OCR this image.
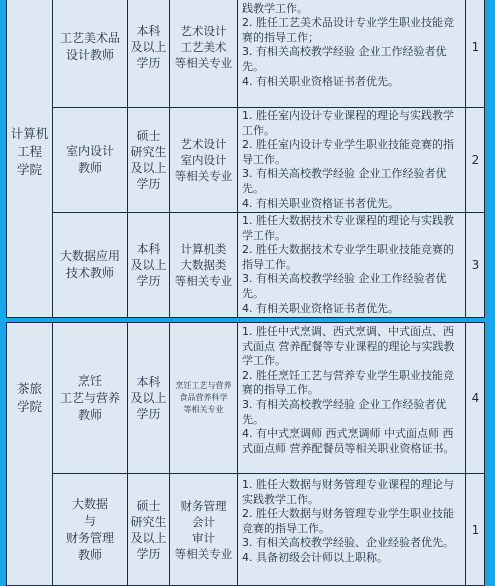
计算机
工程
学院
工艺美术品
设计教师
本科
及以上
学历
艺术设计
工艺美术
等相关专业

践教学工作。

2. 胜任工艺美术品设计专业学生职业技能竞赛的指导工作；

3. 有相关高校教学经验 企业工作经验者优先。

4. 有相关职业资格证书者优先。

1
室内设计
教师
硕士
研究生
及以上
学历
艺术设计
室内设计
等相关专业

1. 胜任室内设计专业课程的理论与实践教学工作。

2. 胜任室内设计专业学生职业技能竞赛的指导工作。

3. 有相关高校教学经验 企业工作经验者优先。

4. 有相关职业资格证书者优先。

2
大数据应用
技术教师
本科
及以上
学历
计算机类
大数据类
等相关专业

1. 胜任大数据技术专业课程的理论与实践教学工作。

2. 胜任大数据技术专业学生职业技能竞赛的指导工作。

3. 有相关高校教学经验 企业工作经验者优先。

4. 有相关职业资格证书者优先。

3
茶旅
学院
烹饪
工艺与营养
教师
本科
及以上
学历
烹饪工艺与营养
食品营养科学
等相关专业

1. 胜任中式烹调、西式烹调、中式面点、西式面点 营养配餐等专业课程的理论与实践教学工作。

2. 胜任烹饪工艺与营养专业学生职业技能竞赛的指导工作。

3. 有相关高校教学经验 企业工作经验者优先。

4. 有中式烹调师 西式烹调师 中式面点师 西式面点师 营养配餐员等相关职业资格证书。

4
大数据
与
财务管理
教师
硕士
研究生
及以上
学历
财务管理
会计
审计
等相关专业

1. 胜任大数据与财务管理专业课程的理论与实践教学工作。

2. 胜任大数据与财务管理专业学生职业技能竞赛的指导工作。

3. 有相关高校教学经验、企业经验者优先。

4. 具备初级会计师以上职称。

1
